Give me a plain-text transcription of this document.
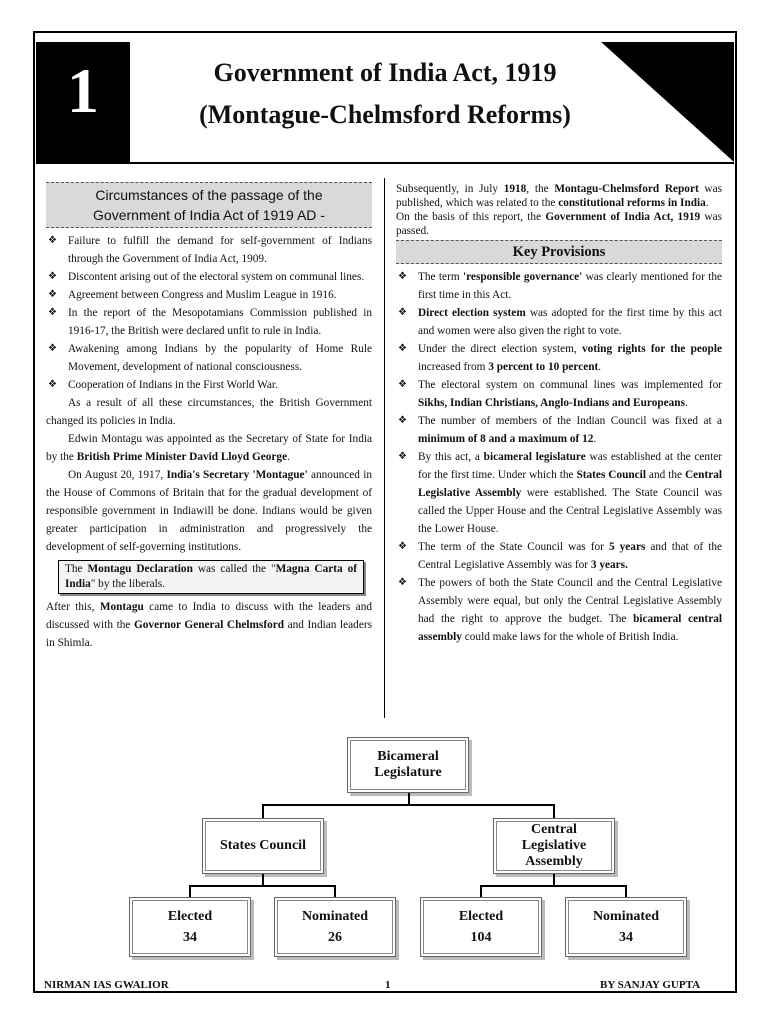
1	Government of India Act, 1919
(Montague-Chelmsford Reforms)
Circumstances of the passage of the
Government of India Act of 1919 AD -
❖ Failure to fulfill the demand for self-government of Indians through the Government of India Act, 1909.
❖ Discontent arising out of the electoral system on communal lines.
❖ Agreement between Congress and Muslim League in 1916.
❖ In the report of the Mesopotamians Commission published in 1916-17, the British were declared unfit to rule in India.
❖ Awakening among Indians by the popularity of Home Rule Movement, development of national consciousness.
❖ Cooperation of Indians in the First World War.

As a result of all these circumstances, the British Government changed its policies in India.

Edwin Montagu was appointed as the Secretary of State for India by the British Prime Minister David Lloyd George.

On August 20, 1917, India's Secretary 'Montague' announced in the House of Commons of Britain that for the gradual development of responsible government in Indiawill be done. Indians would be given greater participation in administration and progressively the development of self-governing institutions.

The Montagu Declaration was called the "Magna Carta of India" by the liberals.

After this, Montagu came to India to discuss with the leaders and discussed with the Governor General Chelmsford and Indian leaders in Shimla.

Subsequently, in July 1918, the Montagu-Chelmsford Report was published, which was related to the constitutional reforms in India.

On the basis of this report, the Government of India Act, 1919 was passed.

Key Provisions
❖ The term 'responsible governance' was clearly mentioned for the first time in this Act.
❖ Direct election system was adopted for the first time by this act and women were also given the right to vote.
❖ Under the direct election system, voting rights for the people increased from 3 percent to 10 percent.
❖ The electoral system on communal lines was implemented for Sikhs, Indian Christians, Anglo-Indians and Europeans.
❖ The number of members of the Indian Council was fixed at a minimum of 8 and a maximum of 12.
❖ By this act, a bicameral legislature was established at the center for the first time. Under which the States Council and the Central Legislative Assembly were established. The State Council was called the Upper House and the Central Legislative Assembly was the Lower House.
❖ The term of the State Council was for 5 years and that of the Central Legislative Assembly was for 3 years.
❖ The powers of both the State Council and the Central Legislative Assembly were equal, but only the Central Legislative Assembly had the right to approve the budget. The bicameral central assembly could make laws for the whole of British India.
Bicameral
Legislature
States Council
Central
Legislative
Assembly
Elected
34
Nominated
26
Elected
104
Nominated
34
NIRMAN IAS GWALIOR	1	BY SANJAY GUPTA
